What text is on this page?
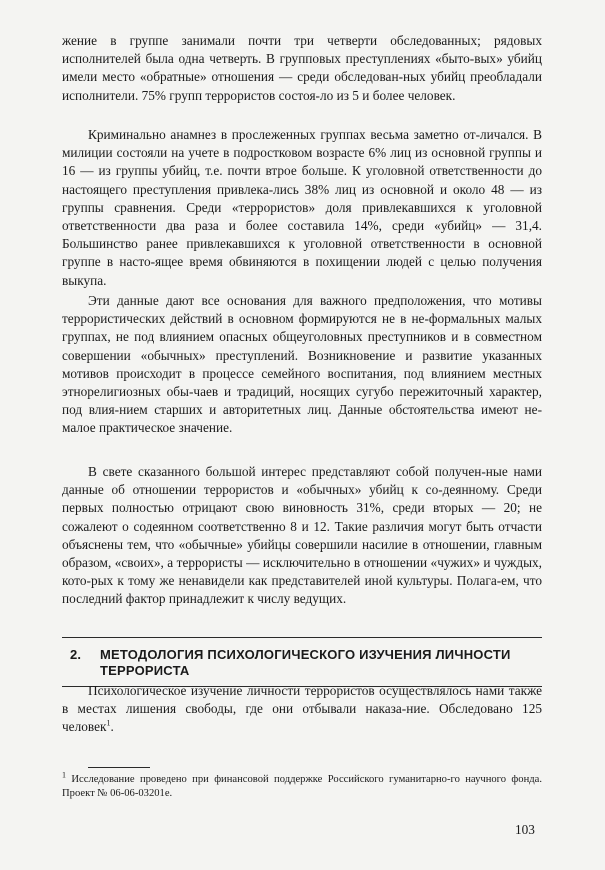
жение в группе занимали почти три четверти обследованных; рядовых исполнителей была одна четверть. В групповых преступлениях «быто-вых» убийц имели место «обратные» отношения — среди обследован-ных убийц преобладали исполнители. 75% групп террористов состоя-ло из 5 и более человек.

Криминально анамнез в прослеженных группах весьма заметно от-личался. В милиции состояли на учете в подростковом возрасте 6% лиц из основной группы и 16 — из группы убийц, т.е. почти втрое больше. К уголовной ответственности до настоящего преступления привлека-лись 38% лиц из основной и около 48 — из группы сравнения. Среди «террористов» доля привлекавшихся к уголовной ответственности два раза и более составила 14%, среди «убийц» — 31,4. Большинство ранее привлекавшихся к уголовной ответственности в основной группе в насто-ящее время обвиняются в похищении людей с целью получения выкупа.

Эти данные дают все основания для важного предположения, что мотивы террористических действий в основном формируются не в не-формальных малых группах, не под влиянием опасных общеуголовных преступников и в совместном совершении «обычных» преступлений. Возникновение и развитие указанных мотивов происходит в процессе семейного воспитания, под влиянием местных этнорелигиозных обы-чаев и традиций, носящих сугубо пережиточный характер, под влия-нием старших и авторитетных лиц. Данные обстоятельства имеют не-малое практическое значение.

В свете сказанного большой интерес представляют собой получен-ные нами данные об отношении террористов и «обычных» убийц к со-деянному. Среди первых полностью отрицают свою виновность 31%, среди вторых — 20; не сожалеют о содеянном соответственно 8 и 12. Такие различия могут быть отчасти объяснены тем, что «обычные» убийцы совершили насилие в отношении, главным образом, «своих», а террористы — исключительно в отношении «чужих» и чуждых, кото-рых к тому же ненавидели как представителей иной культуры. Полага-ем, что последний фактор принадлежит к числу ведущих.

2. МЕТОДОЛОГИЯ ПСИХОЛОГИЧЕСКОГО ИЗУЧЕНИЯ ЛИЧНОСТИ ТЕРРОРИСТА

Психологическое изучение личности террористов осуществлялось нами также в местах лишения свободы, где они отбывали наказа-ние. Обследовано 125 человек$^1$.

$^1$ Исследование проведено при финансовой поддержке Российского гуманитарно-го научного фонда. Проект № 06-06-03201е.
103
